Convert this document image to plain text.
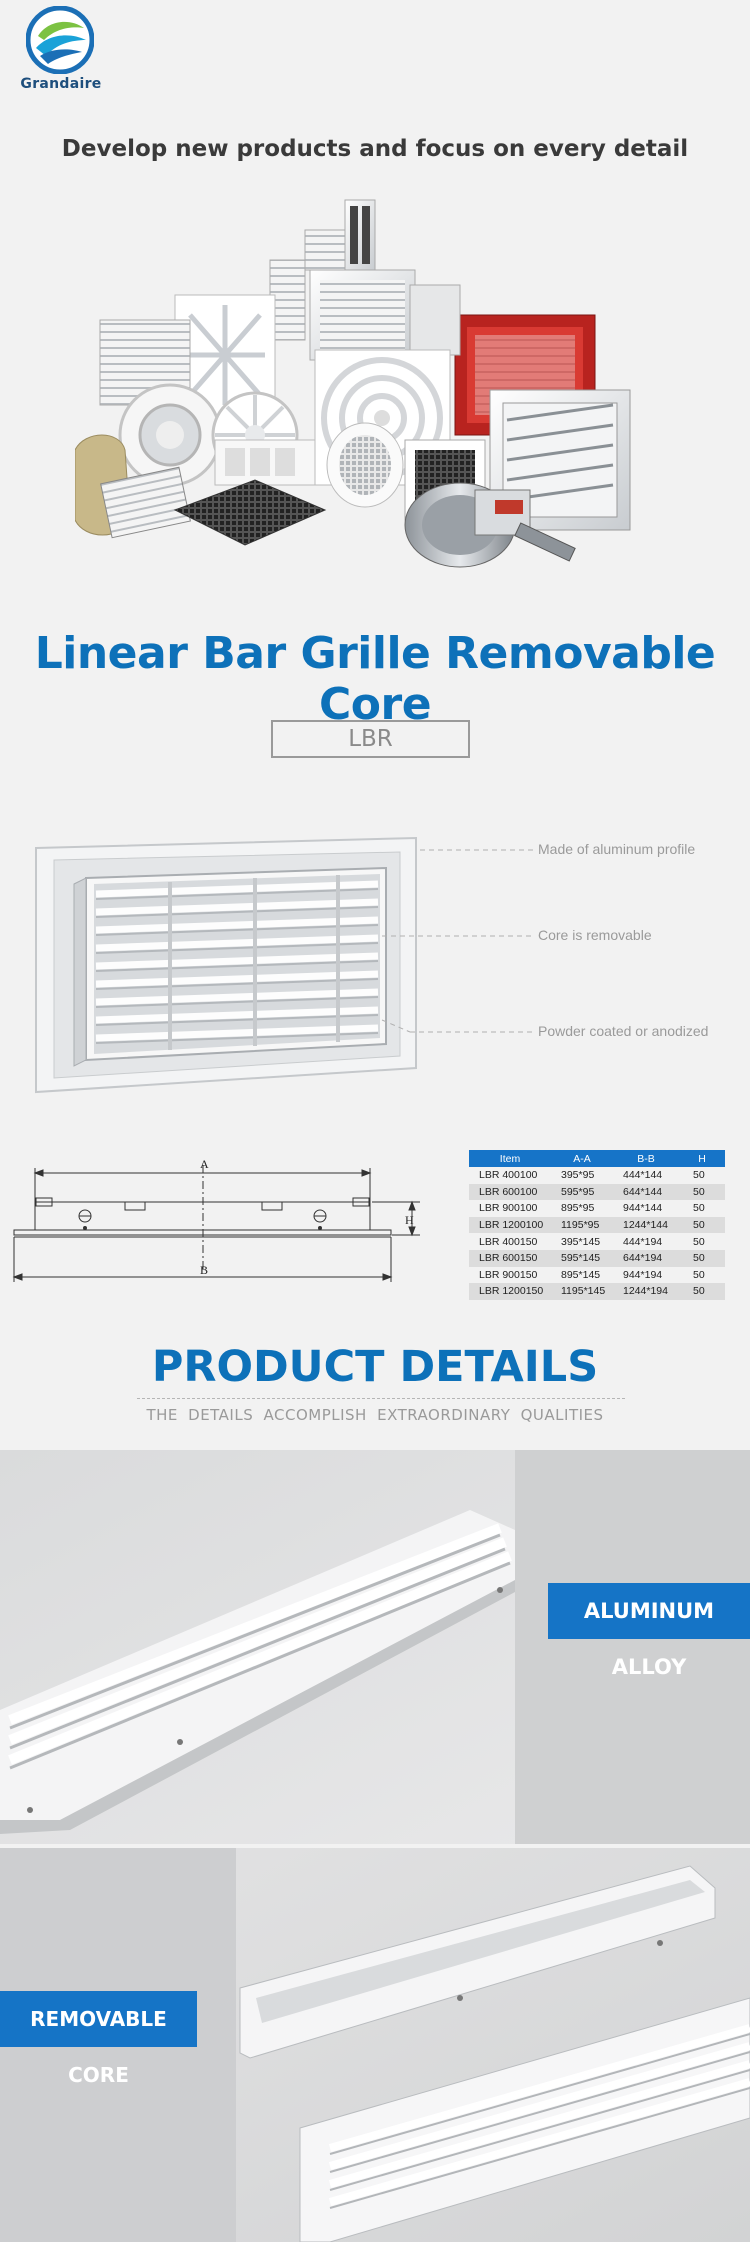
Grandaire
Develop new products and focus on every detail
Linear Bar Grille Removable Core
LBR
Made of aluminum profile
Core is removable
Powder coated or anodized
A
H
B
Item	A-A	B-B	H
LBR 400100	395*95	444*144	50
LBR 600100	595*95	644*144	50
LBR 900100	895*95	944*144	50
LBR 1200100	1195*95	1244*144	50
LBR 400150	395*145	444*194	50
LBR 600150	595*145	644*194	50
LBR 900150	895*145	944*194	50
LBR 1200150	1195*145	1244*194	50
PRODUCT DETAILS
THE DETAILS ACCOMPLISH EXTRAORDINARY QUALITIES
ALUMINUM ALLOY
REMOVABLE CORE
